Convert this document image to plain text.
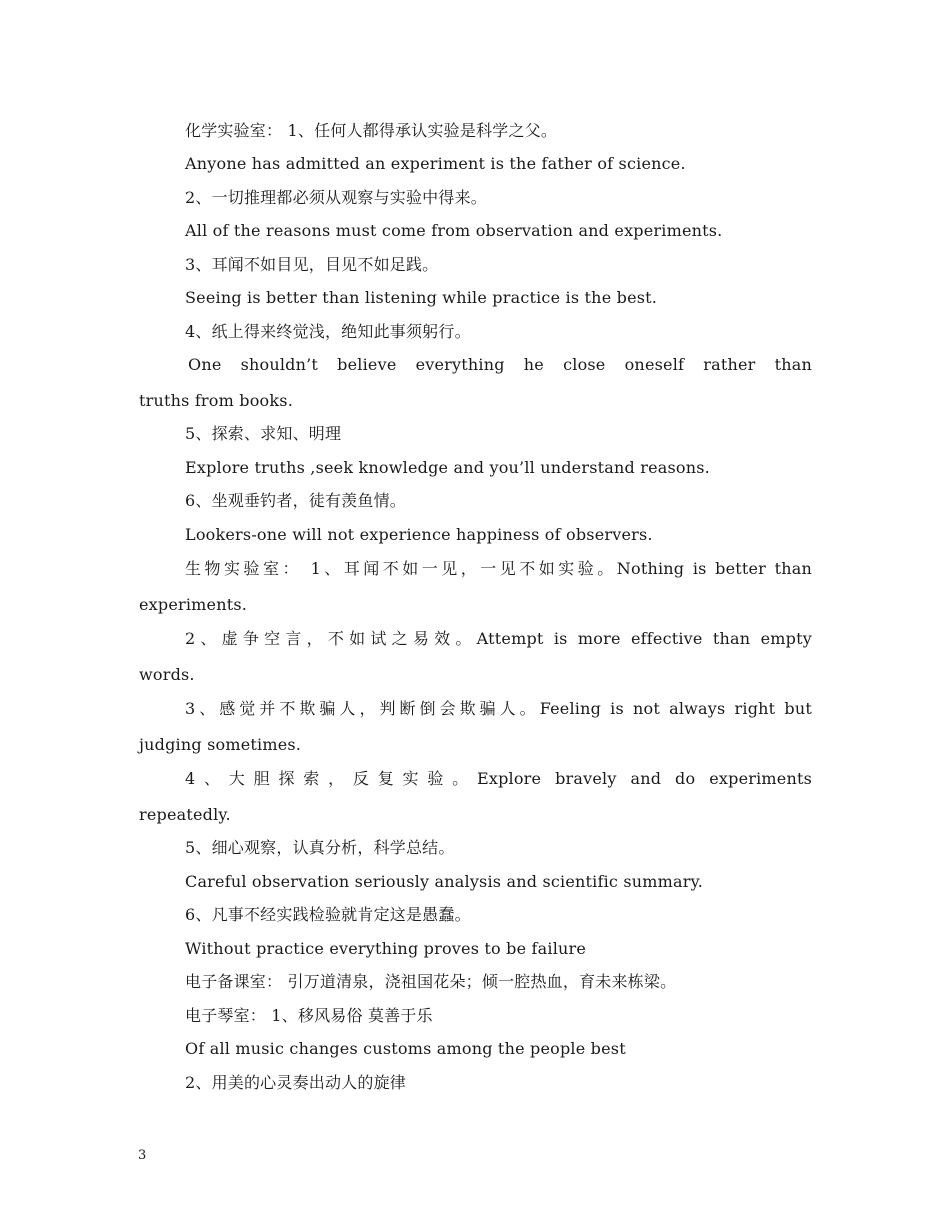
化学实验室： 1、任何人都得承认实验是科学之父。
Anyone has admitted an experiment is the father of science.
2、一切推理都必须从观察与实验中得来。
All of the reasons must come from observation and experiments.
3、耳闻不如目见，目见不如足践。
Seeing is better than listening while practice is the best.
4、纸上得来终觉浅，绝知此事须躬行。
One shouldn’t believe everything he close oneself rather than
truths from books.
5、探索、求知、明理
Explore truths ,seek knowledge and you’ll understand reasons.
6、坐观垂钓者，徒有羡鱼情。
Lookers-one will not experience happiness of observers.
生物实验室： 1、耳闻不如一见，一见不如实验。Nothing is better than
experiments.
2、虚争空言，不如试之易效。Attempt is more effective than empty
words.
3、感觉并不欺骗人，判断倒会欺骗人。Feeling is not always right but
judging sometimes.
4、大胆探索，反复实验。Explore bravely and do experiments
repeatedly.
5、细心观察，认真分析，科学总结。
Careful observation seriously analysis and scientific summary.
6、凡事不经实践检验就肯定这是愚蠢。
Without practice everything proves to be failure
电子备课室： 引万道清泉，浇祖国花朵；倾一腔热血，育未来栋梁。
电子琴室： 1、移风易俗 莫善于乐
Of all music changes customs among the people best
2、用美的心灵奏出动人的旋律
3
